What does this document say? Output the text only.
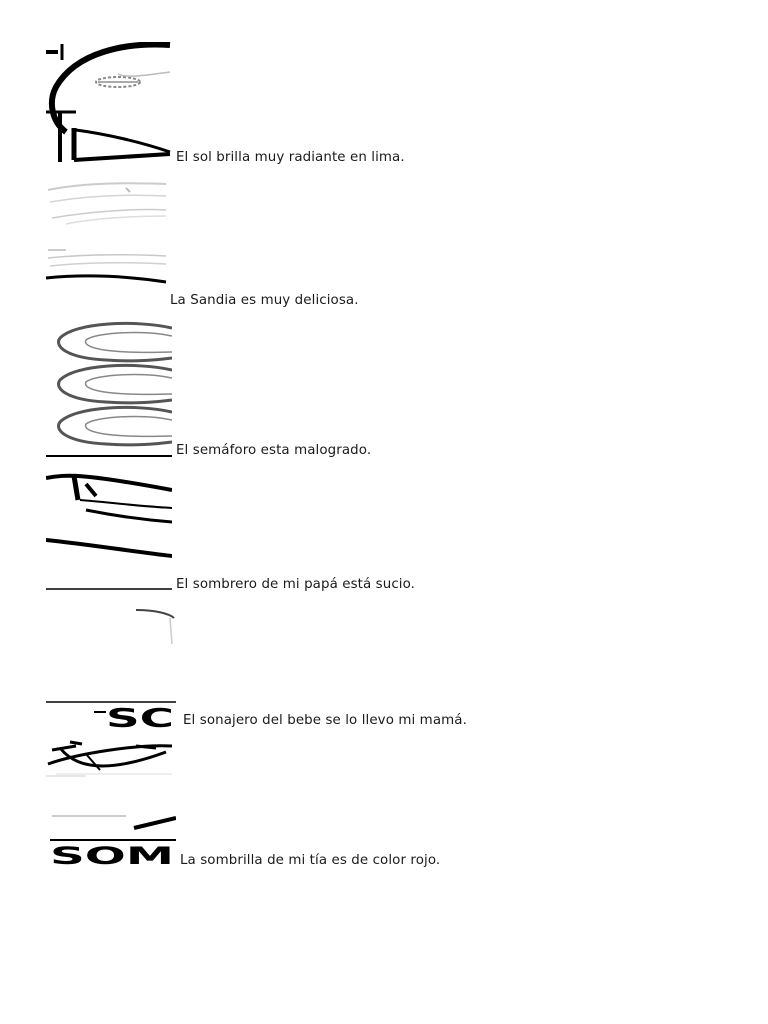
El sol brilla muy radiante en lima.
La Sandia es muy deliciosa.
El semáforo esta malogrado.
El sombrero de mi papá está sucio.
SC El sonajero del bebe se lo llevo mi mamá.
SOM La sombrilla de mi tía es de color rojo.
